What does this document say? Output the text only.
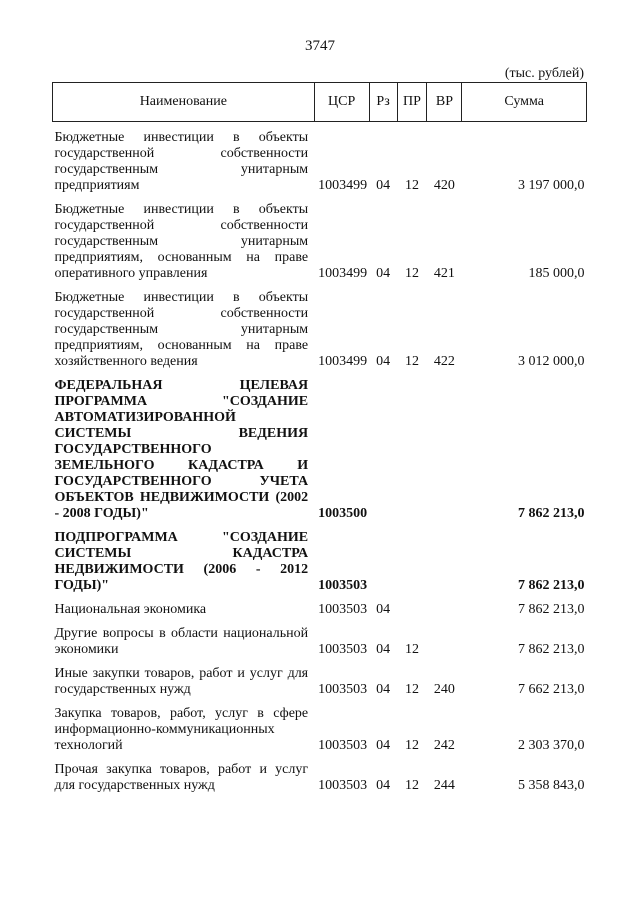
3747
(тыс. рублей)
Наименование	ЦСР	Рз	ПР	ВР	Сумма

Бюджетные инвестиции в объекты государственной собственности государственным унитарным предприятиям	1003499	04	12	420	3 197 000,0

Бюджетные инвестиции в объекты государственной собственности государственным унитарным предприятиям, основанным на праве оперативного управления	1003499	04	12	421	185 000,0

Бюджетные инвестиции в объекты государственной собственности государственным унитарным предприятиям, основанным на праве хозяйственного ведения	1003499	04	12	422	3 012 000,0

ФЕДЕРАЛЬНАЯ ЦЕЛЕВАЯ ПРОГРАММА "СОЗДАНИЕ АВТОМАТИЗИРОВАННОЙ СИСТЕМЫ ВЕДЕНИЯ ГОСУДАРСТВЕННОГО ЗЕМЕЛЬНОГО КАДАСТРА И ГОСУДАРСТВЕННОГО УЧЕТА ОБЪЕКТОВ НЕДВИЖИМОСТИ (2002 - 2008 ГОДЫ)"	1003500				7 862 213,0

ПОДПРОГРАММА "СОЗДАНИЕ СИСТЕМЫ КАДАСТРА НЕДВИЖИМОСТИ (2006 - 2012 ГОДЫ)"	1003503				7 862 213,0

Национальная экономика	1003503	04			7 862 213,0

Другие вопросы в области национальной экономики	1003503	04	12		7 862 213,0

Иные закупки товаров, работ и услуг для государственных нужд	1003503	04	12	240	7 662 213,0

Закупка товаров, работ, услуг в сфере информационно-коммуникационных технологий	1003503	04	12	242	2 303 370,0

Прочая закупка товаров, работ и услуг для государственных нужд	1003503	04	12	244	5 358 843,0
